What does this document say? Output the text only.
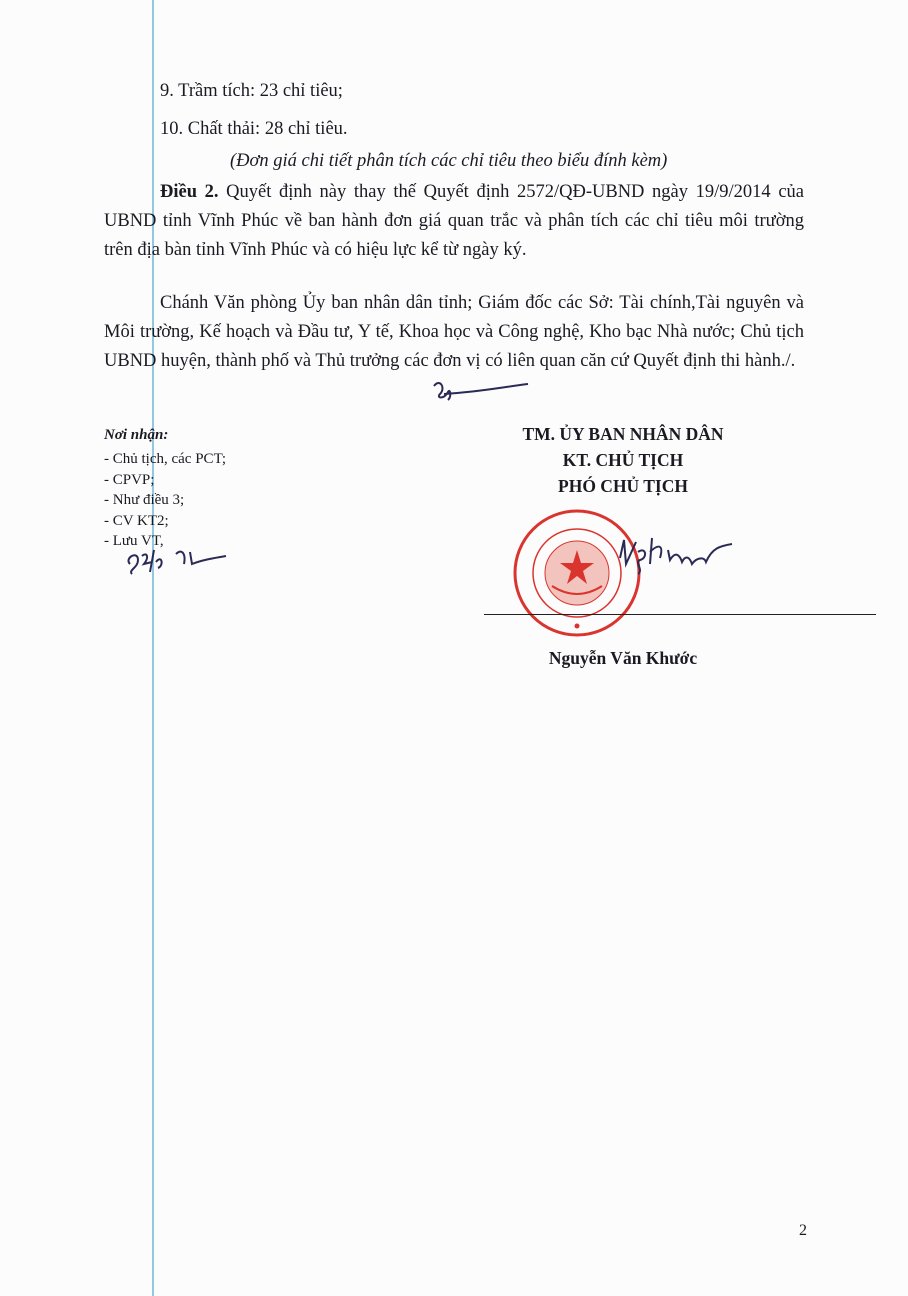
9. Trầm tích: 23 chỉ tiêu;

10. Chất thải: 28 chỉ tiêu.

(Đơn giá chi tiết phân tích các chỉ tiêu theo biểu đính kèm)

Điều 2. Quyết định này thay thế Quyết định 2572/QĐ-UBND ngày 19/9/2014 của UBND tỉnh Vĩnh Phúc về ban hành đơn giá quan trắc và phân tích các chỉ tiêu môi trường trên địa bàn tỉnh Vĩnh Phúc và có hiệu lực kể từ ngày ký.

Chánh Văn phòng Ủy ban nhân dân tỉnh; Giám đốc các Sở: Tài chính,Tài nguyên và Môi trường, Kế hoạch và Đầu tư, Y tế, Khoa học và Công nghệ, Kho bạc Nhà nước; Chủ tịch UBND huyện, thành phố và Thủ trưởng các đơn vị có liên quan căn cứ Quyết định thi hành./.

Nơi nhận:
- Chủ tịch, các PCT;
- CPVP;
- Như điều 3;
- CV KT2;
- Lưu VT,
TM. ỦY BAN NHÂN DÂN
KT. CHỦ TỊCH
PHÓ CHỦ TỊCH
Nguyễn Văn Khước
2
